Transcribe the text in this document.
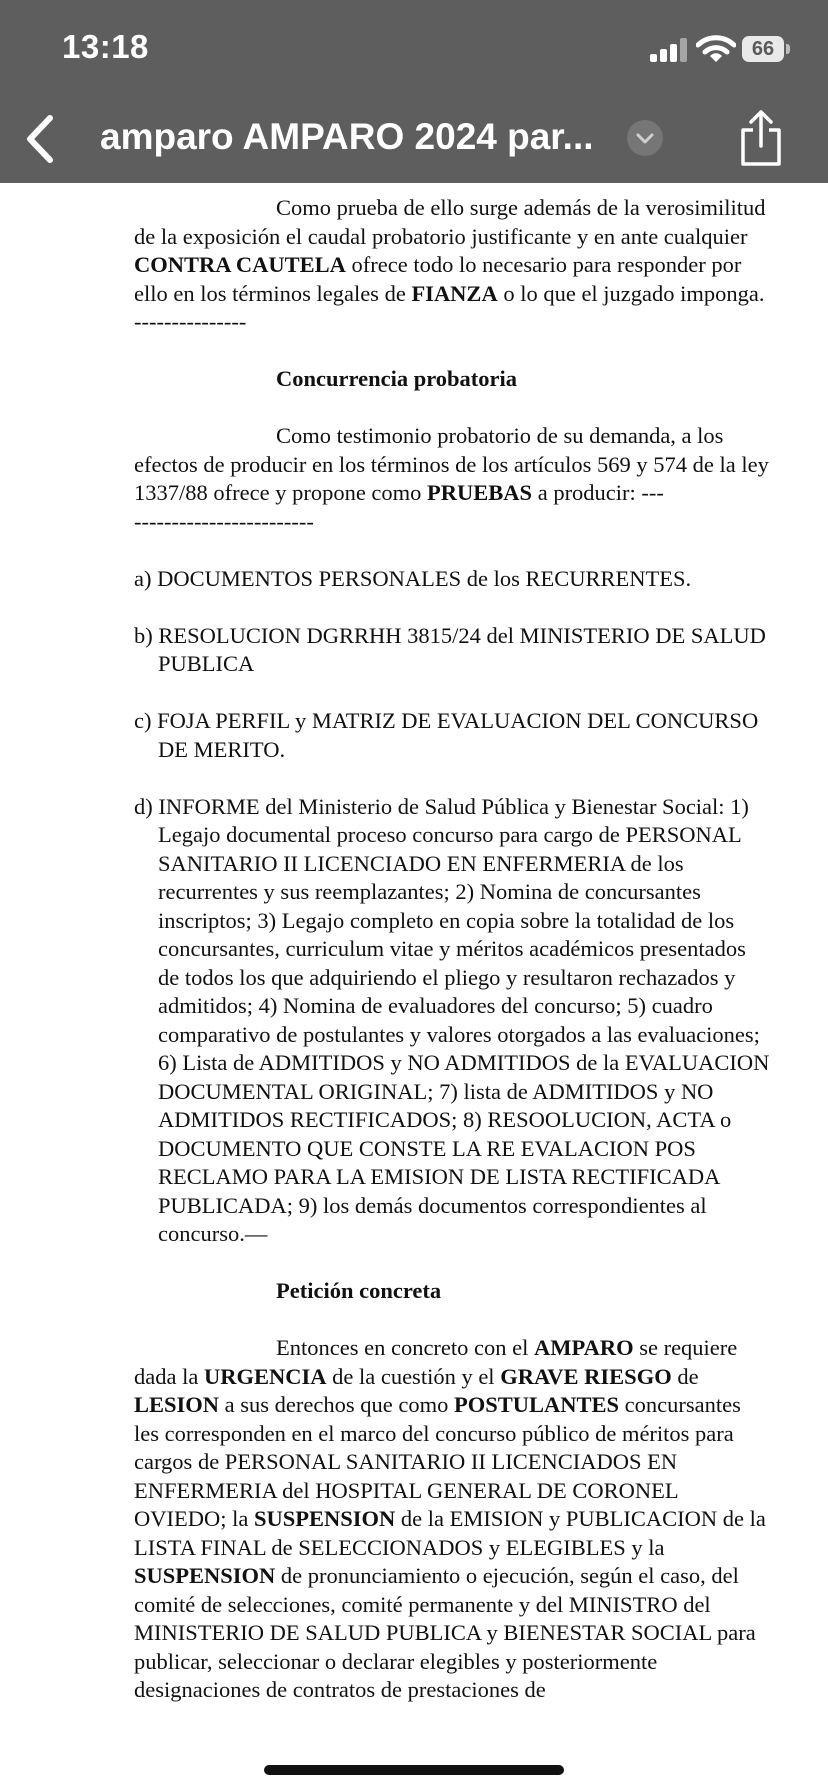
13:18	66
amparo AMPARO 2024 par...

Como prueba de ello surge además de la verosimilitud de la exposición el caudal probatorio justificante y en ante cualquier CONTRA CAUTELA ofrece todo lo necesario para responder por ello en los términos legales de FIANZA o lo que el juzgado imponga. ---------------

Concurrencia probatoria

Como testimonio probatorio de su demanda, a los efectos de producir en los términos de los artículos 569 y 574 de la ley 1337/88 ofrece y propone como PRUEBAS a producir: ---
------------------------

a) DOCUMENTOS PERSONALES de los RECURRENTES.

b) RESOLUCION DGRRHH 3815/24 del MINISTERIO DE SALUD PUBLICA

c) FOJA PERFIL y MATRIZ DE EVALUACION DEL CONCURSO DE MERITO.

d) INFORME del Ministerio de Salud Pública y Bienestar Social: 1) Legajo documental proceso concurso para cargo de PERSONAL SANITARIO II LICENCIADO EN ENFERMERIA de los recurrentes y sus reemplazantes; 2) Nomina de concursantes inscriptos; 3) Legajo completo en copia sobre la totalidad de los concursantes, curriculum vitae y méritos académicos presentados de todos los que adquiriendo el pliego y resultaron rechazados y admitidos; 4) Nomina de evaluadores del concurso; 5) cuadro comparativo de postulantes y valores otorgados a las evaluaciones; 6) Lista de ADMITIDOS y NO ADMITIDOS de la EVALUACION DOCUMENTAL ORIGINAL; 7) lista de ADMITIDOS y NO ADMITIDOS RECTIFICADOS; 8) RESOOLUCION, ACTA o DOCUMENTO QUE CONSTE LA RE EVALACION POS RECLAMO PARA LA EMISION DE LISTA RECTIFICADA PUBLICADA; 9) los demás documentos correspondientes al concurso.—

Petición concreta

Entonces en concreto con el AMPARO se requiere dada la URGENCIA de la cuestión y el GRAVE RIESGO de LESION a sus derechos que como POSTULANTES concursantes les corresponden en el marco del concurso público de méritos para cargos de PERSONAL SANITARIO II LICENCIADOS EN ENFERMERIA del HOSPITAL GENERAL DE CORONEL OVIEDO; la SUSPENSION de la EMISION y PUBLICACION de la LISTA FINAL de SELECCIONADOS y ELEGIBLES y la SUSPENSION de pronunciamiento o ejecución, según el caso, del comité de selecciones, comité permanente y del MINISTRO del MINISTERIO DE SALUD PUBLICA y BIENESTAR SOCIAL para publicar, seleccionar o declarar elegibles y posteriormente designaciones de contratos de prestaciones de
